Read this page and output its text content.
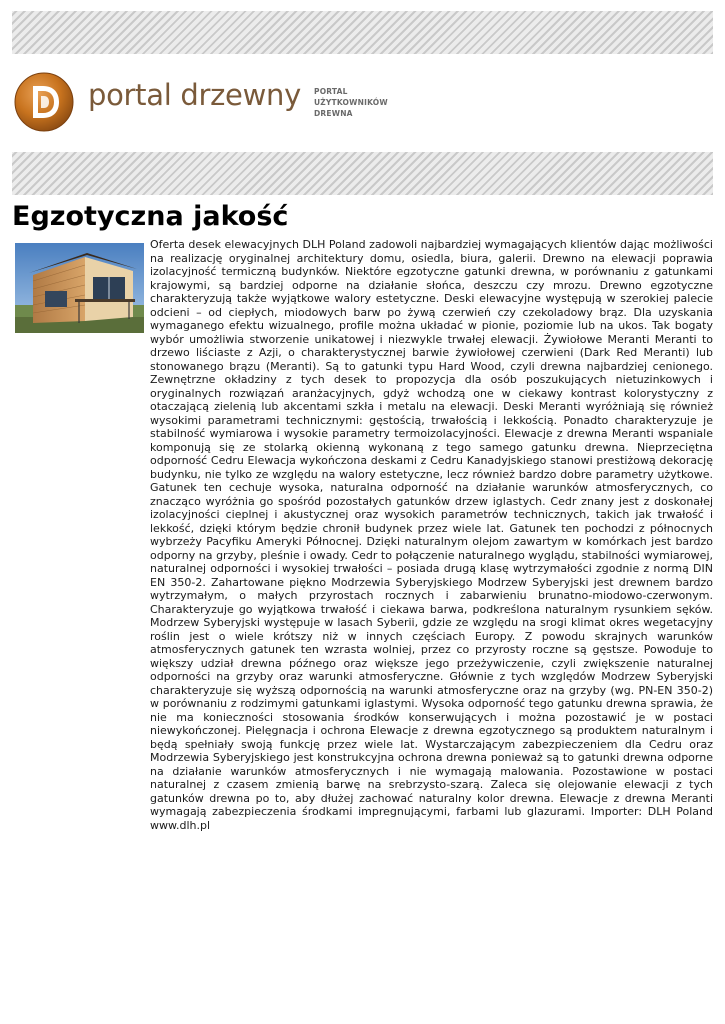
portal drzewny PORTAL
UŻYTKOWNIKÓW
DREWNA
Egzotyczna jakość

Oferta desek elewacyjnych DLH Poland zadowoli najbardziej wymagających klientów dając możliwości na realizację oryginalnej architektury domu, osiedla, biura, galerii. Drewno na elewacji poprawia izolacyjność termiczną budynków. Niektóre egzotyczne gatunki drewna, w porównaniu z gatunkami krajowymi, są bardziej odporne na działanie słońca, deszczu czy mrozu. Drewno egzotyczne charakteryzują także wyjątkowe walory estetyczne. Deski elewacyjne występują w szerokiej palecie odcieni – od ciepłych, miodowych barw po żywą czerwień czy czekoladowy brąz. Dla uzyskania wymaganego efektu wizualnego, profile można układać w pionie, poziomie lub na ukos. Tak bogaty wybór umożliwia stworzenie unikatowej i niezwykle trwałej elewacji. Żywiołowe Meranti Meranti to drzewo liściaste z Azji, o charakterystycznej barwie żywiołowej czerwieni (Dark Red Meranti) lub stonowanego brązu (Meranti). Są to gatunki typu Hard Wood, czyli drewna najbardziej cenionego. Zewnętrzne okładziny z tych desek to propozycja dla osób poszukujących nietuzinkowych i oryginalnych rozwiązań aranżacyjnych, gdyż wchodzą one w ciekawy kontrast kolorystyczny z otaczającą zielenią lub akcentami szkła i metalu na elewacji. Deski Meranti wyróżniają się również wysokimi parametrami technicznymi: gęstością, trwałością i lekkością. Ponadto charakteryzuje je stabilność wymiarowa i wysokie parametry termoizolacyjności. Elewacje z drewna Meranti wspaniale komponują się ze stolarką okienną wykonaną z tego samego gatunku drewna. Nieprzeciętna odporność Cedru Elewacja wykończona deskami z Cedru Kanadyjskiego stanowi prestiżową dekorację budynku, nie tylko ze względu na walory estetyczne, lecz również bardzo dobre parametry użytkowe. Gatunek ten cechuje wysoka, naturalna odporność na działanie warunków atmosferycznych, co znacząco wyróżnia go spośród pozostałych gatunków drzew iglastych. Cedr znany jest z doskonałej izolacyjności cieplnej i akustycznej oraz wysokich parametrów technicznych, takich jak trwałość i lekkość, dzięki którym będzie chronił budynek przez wiele lat. Gatunek ten pochodzi z północnych wybrzeży Pacyfiku Ameryki Północnej. Dzięki naturalnym olejom zawartym w komórkach jest bardzo odporny na grzyby, pleśnie i owady. Cedr to połączenie naturalnego wyglądu, stabilności wymiarowej, naturalnej odporności i wysokiej trwałości – posiada drugą klasę wytrzymałości zgodnie z normą DIN EN 350-2. Zahartowane piękno Modrzewia Syberyjskiego Modrzew Syberyjski jest drewnem bardzo wytrzymałym, o małych przyrostach rocznych i zabarwieniu brunatno-miodowo-czerwonym. Charakteryzuje go wyjątkowa trwałość i ciekawa barwa, podkreślona naturalnym rysunkiem sęków. Modrzew Syberyjski występuje w lasach Syberii, gdzie ze względu na srogi klimat okres wegetacyjny roślin jest o wiele krótszy niż w innych częściach Europy. Z powodu skrajnych warunków atmosferycznych gatunek ten wzrasta wolniej, przez co przyrosty roczne są gęstsze. Powoduje to większy udział drewna późnego oraz większe jego przeżywiczenie, czyli zwiększenie naturalnej odporności na grzyby oraz warunki atmosferyczne. Głównie z tych względów Modrzew Syberyjski charakteryzuje się wyższą odpornością na warunki atmosferyczne oraz na grzyby (wg. PN-EN 350-2) w porównaniu z rodzimymi gatunkami iglastymi. Wysoka odporność tego gatunku drewna sprawia, że nie ma konieczności stosowania środków konserwujących i można pozostawić je w postaci niewykończonej. Pielęgnacja i ochrona Elewacje z drewna egzotycznego są produktem naturalnym i będą spełniały swoją funkcję przez wiele lat. Wystarczającym zabezpieczeniem dla Cedru oraz Modrzewia Syberyjskiego jest konstrukcyjna ochrona drewna ponieważ są to gatunki drewna odporne na działanie warunków atmosferycznych i nie wymagają malowania. Pozostawione w postaci naturalnej z czasem zmienią barwę na srebrzysto-szarą. Zaleca się olejowanie elewacji z tych gatunków drewna po to, aby dłużej zachować naturalny kolor drewna. Elewacje z drewna Meranti wymagają zabezpieczenia środkami impregnującymi, farbami lub glazurami. Importer: DLH Poland www.dlh.pl
